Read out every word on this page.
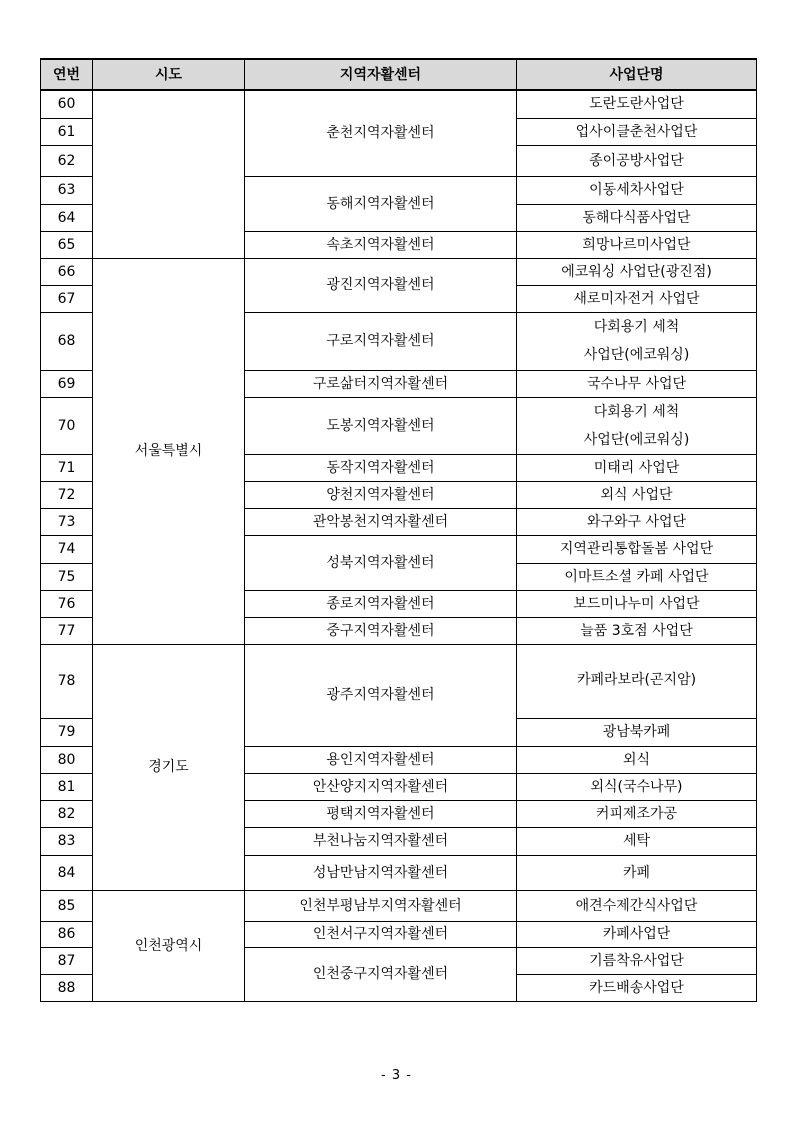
연번	시도	지역자활센터	사업단명
60		춘천지역자활센터	도란도란사업단
61			업사이클춘천사업단
62			종이공방사업단
63		동해지역자활센터	이동세차사업단
64			동해다식품사업단
65		속초지역자활센터	희망나르미사업단
66	서울특별시	광진지역자활센터	에코워싱 사업단(광진점)
67			새로미자전거 사업단
68		구로지역자활센터	다회용기 세척
사업단(에코워싱)

69		구로삶터지역자활센터	국수나무 사업단
70		도봉지역자활센터	다회용기 세척
사업단(에코워싱)

71		동작지역자활센터	미태리 사업단
72		양천지역자활센터	외식 사업단
73		관악봉천지역자활센터	와구와구 사업단
74		성북지역자활센터	지역관리통합돌봄 사업단
75			이마트소셜 카페 사업단
76		종로지역자활센터	보드미나누미 사업단
77		중구지역자활센터	늘품 3호점 사업단
78	경기도	광주지역자활센터	카페라보라(곤지암)
79			광남북카페
80		용인지역자활센터	외식
81		안산양지지역자활센터	외식(국수나무)
82		평택지역자활센터	커피제조가공
83		부천나눔지역자활센터	세탁
84		성남만남지역자활센터	카페
85	인천광역시	인천부평남부지역자활센터	애견수제간식사업단
86		인천서구지역자활센터	카페사업단
87		인천중구지역자활센터	기름착유사업단
88			카드배송사업단
- 3 -
